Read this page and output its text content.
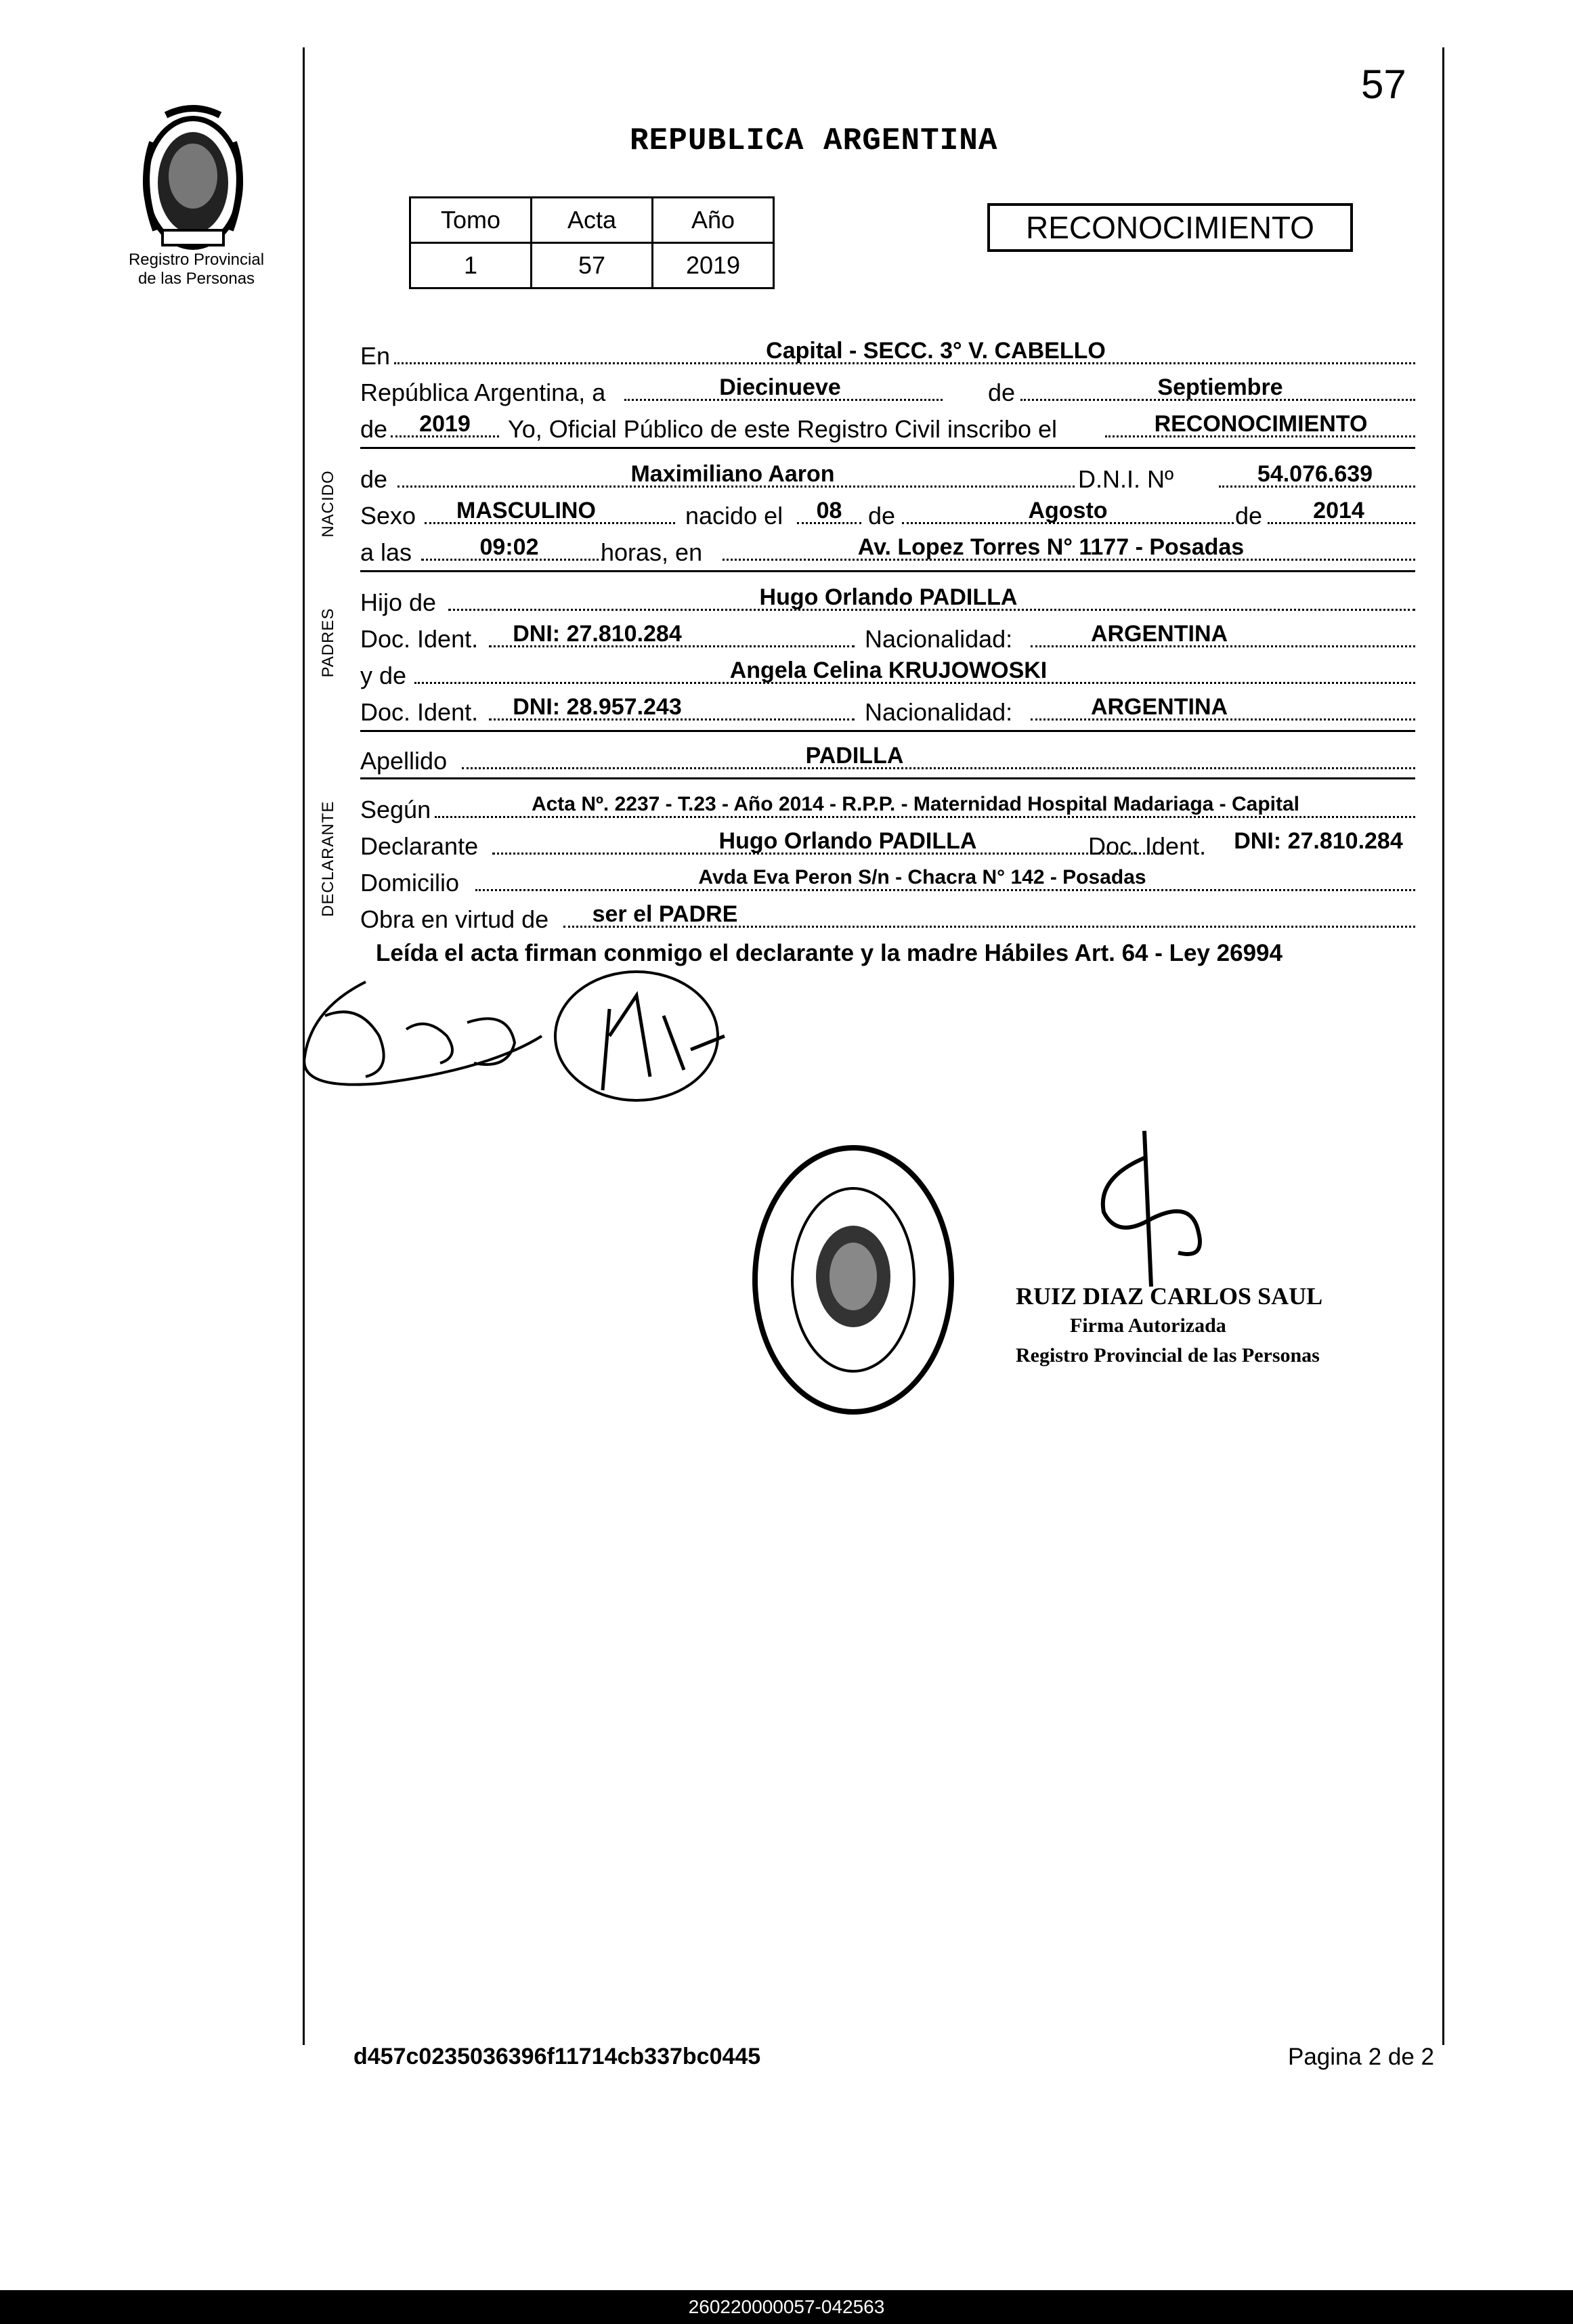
57
Registro Provincial
de las Personas
REPUBLICA ARGENTINA
Tomo	Acta	Año
1	57	2019
RECONOCIMIENTO
En	Capital - SECC. 3° V. CABELLO
República Argentina, a	Diecinueve	de	Septiembre
de	2019	Yo, Oficial Público de este Registro Civil inscribo el	RECONOCIMIENTO
NACIDO de	Maximiliano Aaron	D.N.I. Nº	54.076.639
Sexo	MASCULINO	nacido el	08	de	Agosto	de	2014
a las	09:02	horas, en	Av. Lopez Torres N° 1177 - Posadas
PADRES
Hijo de	Hugo Orlando PADILLA
Doc. Ident.	DNI: 27.810.284	Nacionalidad:	ARGENTINA
y de	Angela Celina KRUJOWOSKI
Doc. Ident.	DNI: 28.957.243	Nacionalidad:	ARGENTINA
Apellido	PADILLA
DECLARANTE Según	Acta Nº. 2237 - T.23 - Año 2014 - R.P.P. - Maternidad Hospital Madariaga - Capital
Declarante	Hugo Orlando PADILLA	Doc. Ident.	DNI: 27.810.284
Domicilio	Avda Eva Peron S/n - Chacra N° 142 - Posadas
Obra en virtud de	ser el PADRE
Leída el acta firman conmigo el declarante y la madre Hábiles Art. 64 - Ley 26994
RUIZ DIAZ CARLOS SAUL
Firma Autorizada
Registro Provincial de las Personas
d457c0235036396f11714cb337bc0445	Pagina 2 de 2
260220000057-042563
